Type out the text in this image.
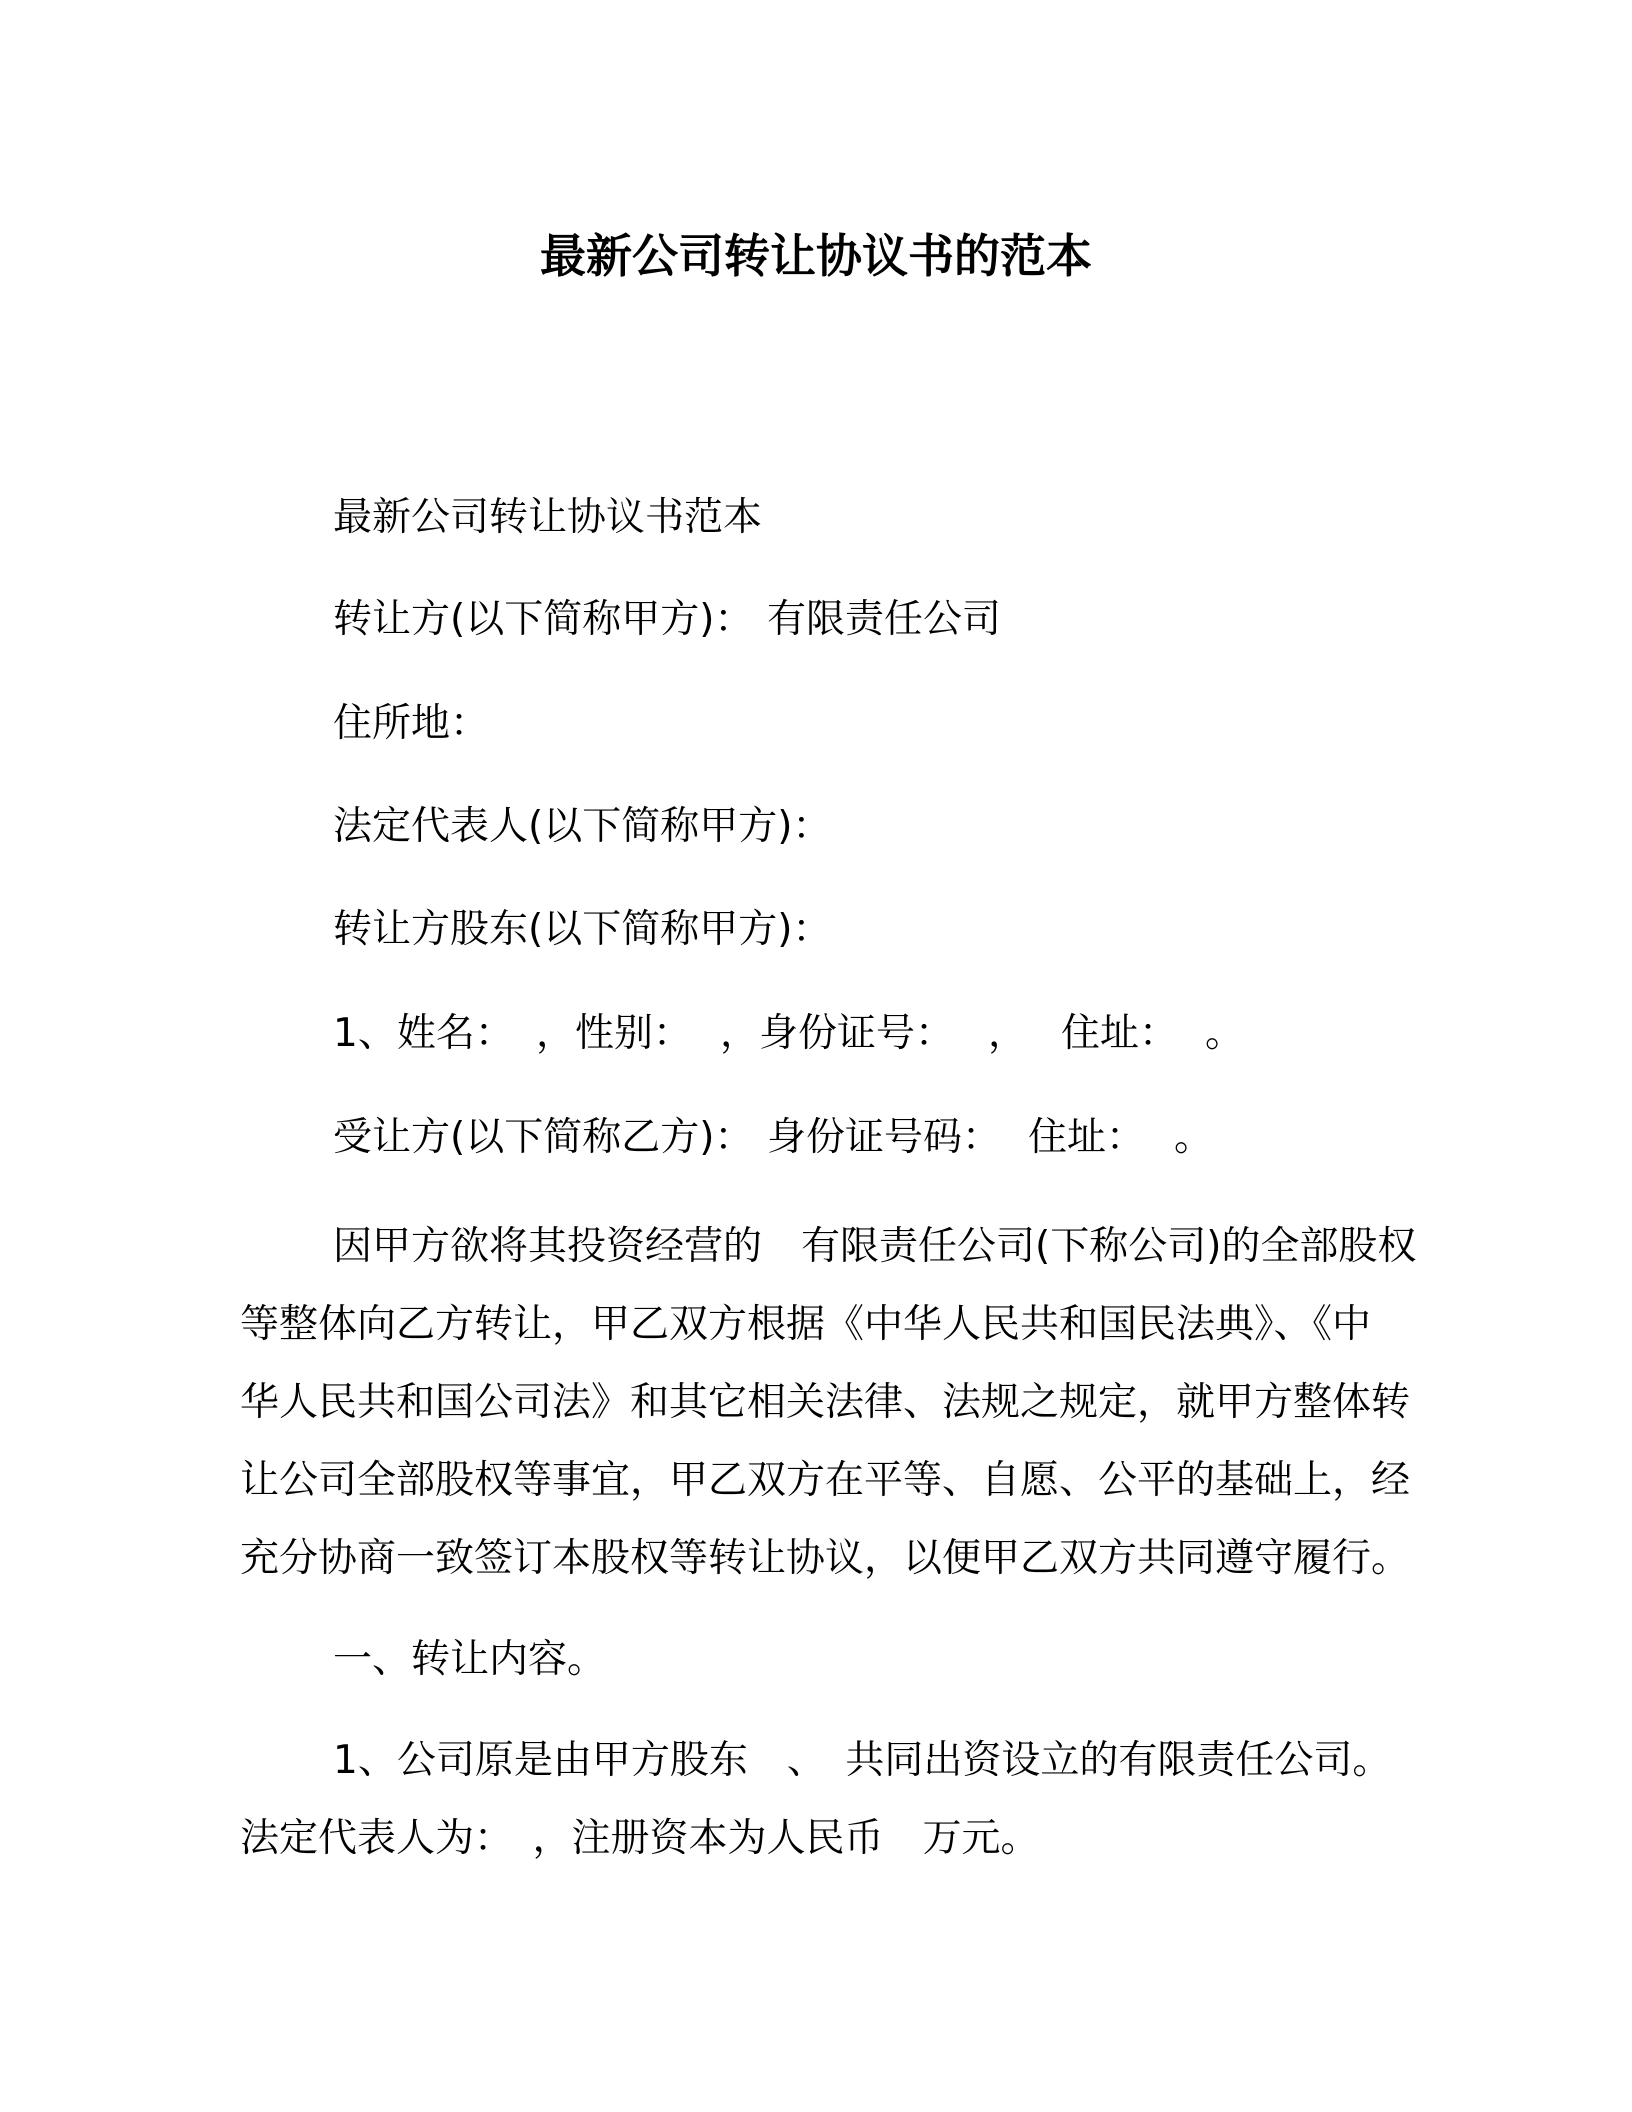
最新公司转让协议书的范本
最新公司转让协议书范本
转让方(以下简称甲方)： 有限责任公司
住所地：
法定代表人(以下简称甲方)：
转让方股东(以下简称甲方)：
1、姓名： ，性别： ，身份证号： ， 住址： 。
受让方(以下简称乙方)： 身份证号码： 住址： 。
因甲方欲将其投资经营的　有限责任公司(下称公司)的全部股权
等整体向乙方转让，甲乙双方根据《中华人民共和国民法典》、《中
华人民共和国公司法》和其它相关法律、法规之规定，就甲方整体转
让公司全部股权等事宜，甲乙双方在平等、自愿、公平的基础上，经
充分协商一致签订本股权等转让协议，以便甲乙双方共同遵守履行。
一、转让内容。
1、公司原是由甲方股东　、　共同出资设立的有限责任公司。
法定代表人为：　，注册资本为人民币　万元。
